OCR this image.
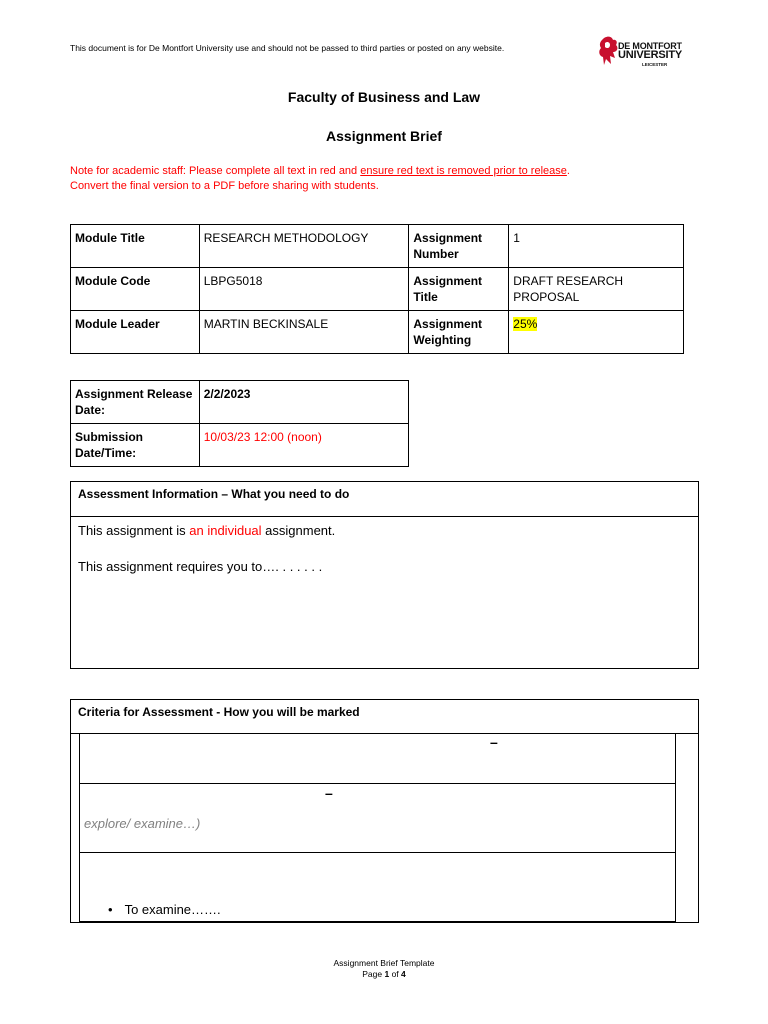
This document is for De Montfort University use and should not be passed to third parties or posted on any website.	DE MONTFORT
UNIVERSITY
LEICESTER
Faculty of Business and Law
Assignment Brief
Note for academic staff: Please complete all text in red and ensure red text is removed prior to release.
Convert the final version to a PDF before sharing with students.
Module Title	RESEARCH METHODOLOGY	Assignment Number	1
Module Code	LBPG5018	Assignment Title	DRAFT RESEARCH PROPOSAL
Module Leader	MARTIN BECKINSALE	Assignment Weighting	25%
Assignment Release Date:	2/2/2023
Submission Date/Time:	10/03/23 12:00 (noon)
Assessment Information – What you need to do
This assignment is an individual assignment.
This assignment requires you to…. . . . . . .
Criteria for Assessment - How you will be marked
–
–
explore/ examine…)
• To examine…….
Assignment Brief Template
Page 1 of 4
